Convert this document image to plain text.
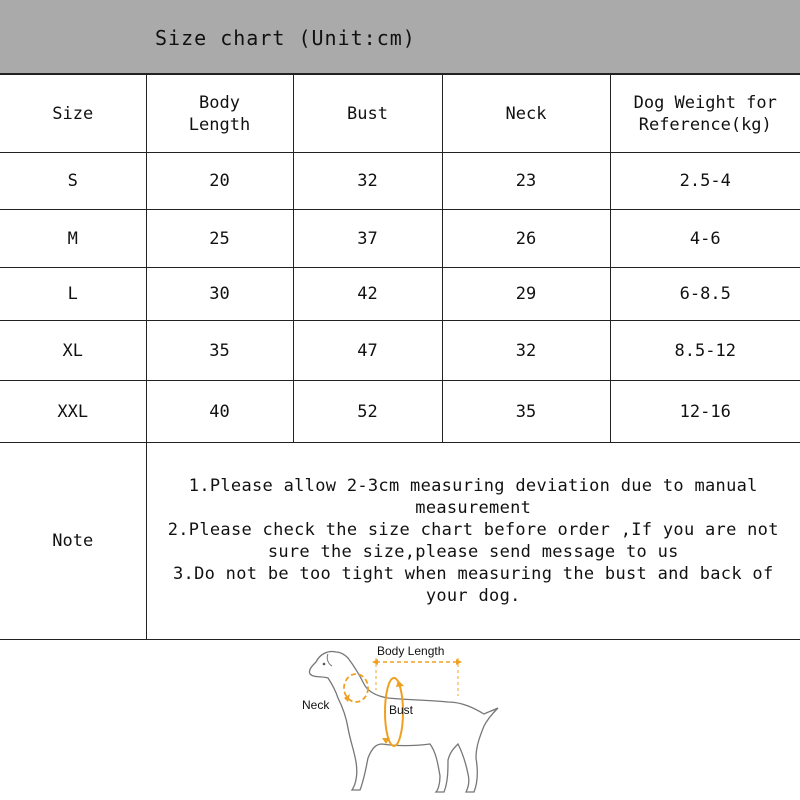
Size chart (Unit:cm)
Size	Body Length	Bust	Neck	Dog Weight for Reference(kg)

S	20	32	23	2.5-4
M	25	37	26	4-6
L	30	42	29	6-8.5
XL	35	47	32	8.5-12
XXL	40	52	35	12-16
Note	1.Please allow 2-3cm measuring deviation due to manual measurement
2.Please check the size chart before order ,If you are not sure the size,please send message to us
3.Do not be too tight when measuring the bust and back of your dog.			
Body Length
Neck	Bust
